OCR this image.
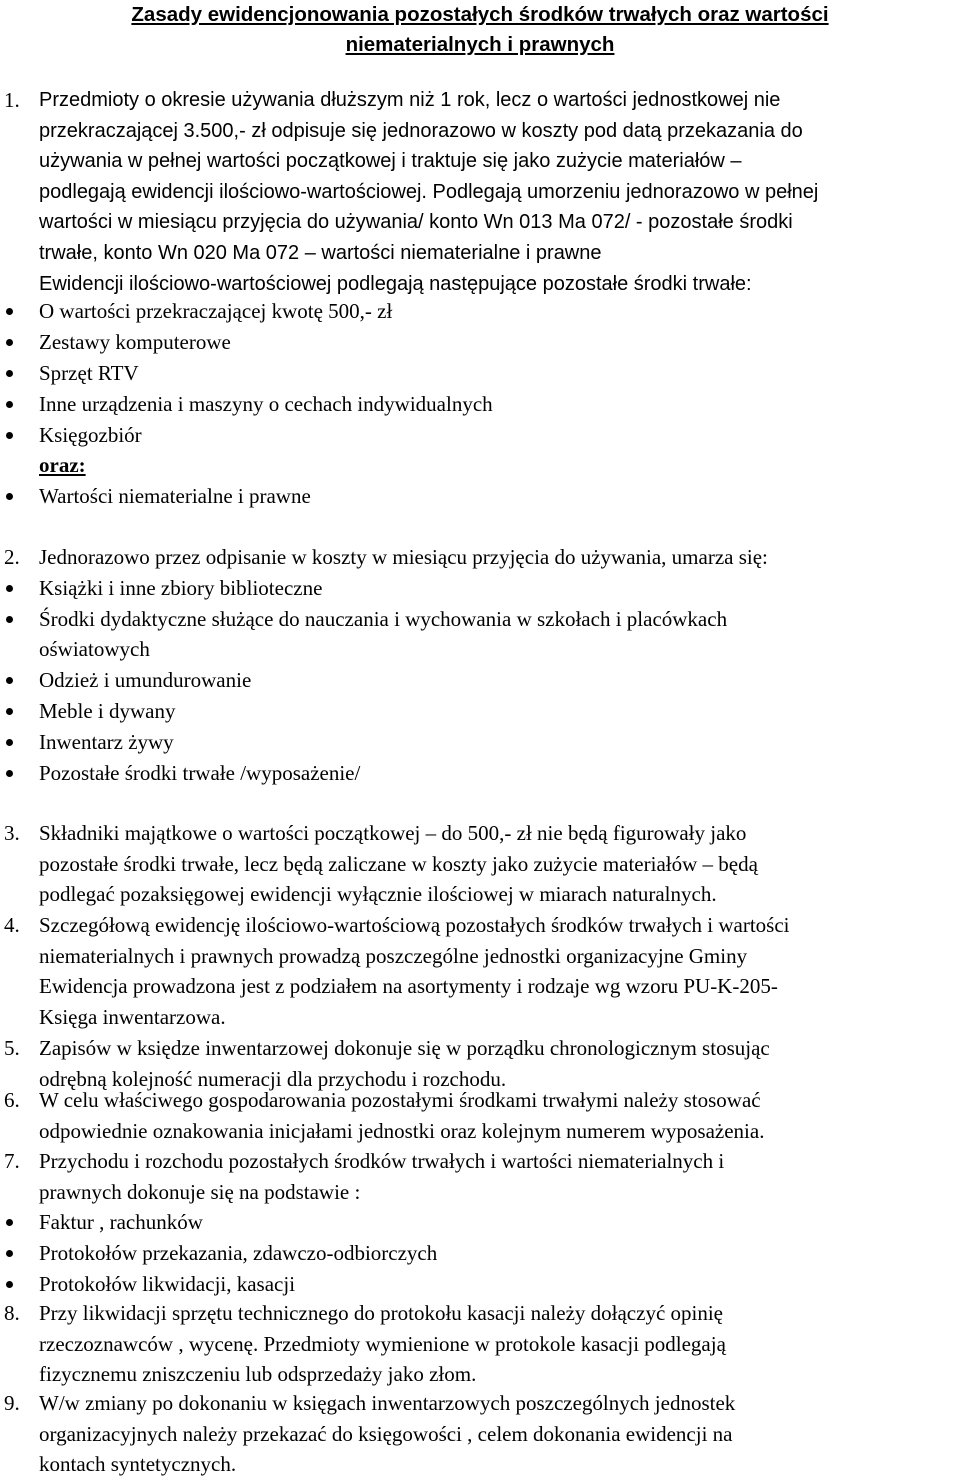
Zasady ewidencjonowania pozostałych środków trwałych oraz wartości
niematerialnych i prawnych
1. Przedmioty o okresie używania dłuższym niż 1 rok, lecz o wartości jednostkowej nie
przekraczającej 3.500,- zł odpisuje się jednorazowo w koszty pod datą przekazania do
używania w pełnej wartości początkowej i traktuje się jako zużycie materiałów –
podlegają ewidencji ilościowo-wartościowej. Podlegają umorzeniu jednorazowo w pełnej
wartości w miesiącu przyjęcia do używania/ konto Wn 013 Ma 072/ - pozostałe środki
trwałe, konto Wn 020 Ma 072 – wartości niematerialne i prawne
Ewidencji ilościowo-wartościowej podlegają następujące pozostałe środki trwałe:
O wartości przekraczającej kwotę 500,- zł
Zestawy komputerowe
Sprzęt RTV
Inne urządzenia i maszyny o cechach indywidualnych
Księgozbiór
oraz:
Wartości niematerialne i prawne
2. Jednorazowo przez odpisanie w koszty w miesiącu przyjęcia do używania, umarza się:
Książki i inne zbiory biblioteczne
Środki dydaktyczne służące do nauczania i wychowania w szkołach i placówkach
oświatowych
Odzież i umundurowanie
Meble i dywany
Inwentarz żywy
Pozostałe środki trwałe /wyposażenie/
3. Składniki majątkowe o wartości początkowej – do 500,- zł nie będą figurowały jako
pozostałe środki trwałe, lecz będą zaliczane w koszty jako zużycie materiałów – będą
podlegać pozaksięgowej ewidencji wyłącznie ilościowej w miarach naturalnych.
4. Szczegółową ewidencję ilościowo-wartościową pozostałych środków trwałych i wartości
niematerialnych i prawnych prowadzą poszczególne jednostki organizacyjne Gminy
Ewidencja prowadzona jest z podziałem na asortymenty i rodzaje wg wzoru PU-K-205-
Księga inwentarzowa.
5. Zapisów w księdze inwentarzowej dokonuje się w porządku chronologicznym stosując
odrębną kolejność numeracji dla przychodu i rozchodu.
6. W celu właściwego gospodarowania pozostałymi środkami trwałymi należy stosować
odpowiednie oznakowania inicjałami jednostki oraz kolejnym numerem wyposażenia.
7. Przychodu i rozchodu pozostałych środków trwałych i wartości niematerialnych i
prawnych dokonuje się na podstawie :
Faktur , rachunków
Protokołów przekazania, zdawczo-odbiorczych
Protokołów likwidacji, kasacji
8. Przy likwidacji sprzętu technicznego do protokołu kasacji należy dołączyć opinię
rzeczoznawców , wycenę. Przedmioty wymienione w protokole kasacji podlegają
fizycznemu zniszczeniu lub odsprzedaży jako złom.
9. W/w zmiany po dokonaniu w księgach inwentarzowych poszczególnych jednostek
organizacyjnych należy przekazać do księgowości , celem dokonania ewidencji na
kontach syntetycznych.
